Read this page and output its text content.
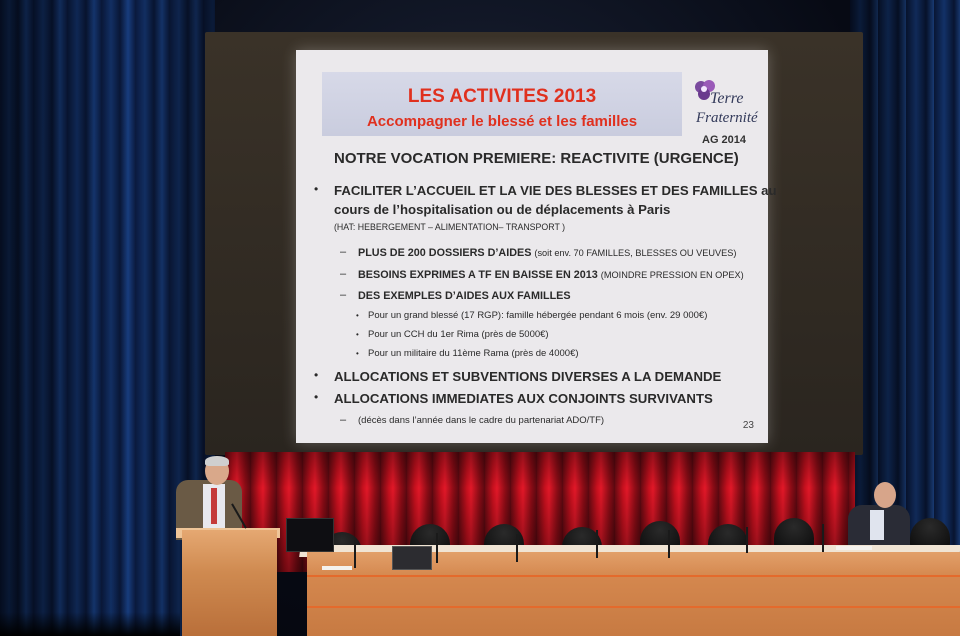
LES ACTIVITES 2013
Accompagner le blessé et les familles
Terre
Fraternité
AG 2014
NOTRE VOCATION PREMIERE: REACTIVITE (URGENCE)
• FACILITER L’ACCUEIL ET LA VIE DES BLESSES ET DES FAMILLES au
cours de l’hospitalisation ou de déplacements à Paris
(HAT: HEBERGEMENT – ALIMENTATION– TRANSPORT )
– PLUS DE 200 DOSSIERS D’AIDES (soit env. 70 FAMILLES, BLESSES OU VEUVES)
– BESOINS EXPRIMES A TF EN BAISSE EN 2013 (MOINDRE PRESSION EN OPEX)
– DES EXEMPLES D’AIDES AUX FAMILLES
• Pour un grand blessé (17 RGP): famille hébergée pendant 6 mois (env. 29 000€)
• Pour un CCH du 1er Rima (près de 5000€)
• Pour un militaire du 11ème Rama (près de 4000€)
• ALLOCATIONS ET SUBVENTIONS DIVERSES A LA DEMANDE
• ALLOCATIONS IMMEDIATES AUX CONJOINTS SURVIVANTS
– (décès dans l’année dans le cadre du partenariat ADO/TF)	23
